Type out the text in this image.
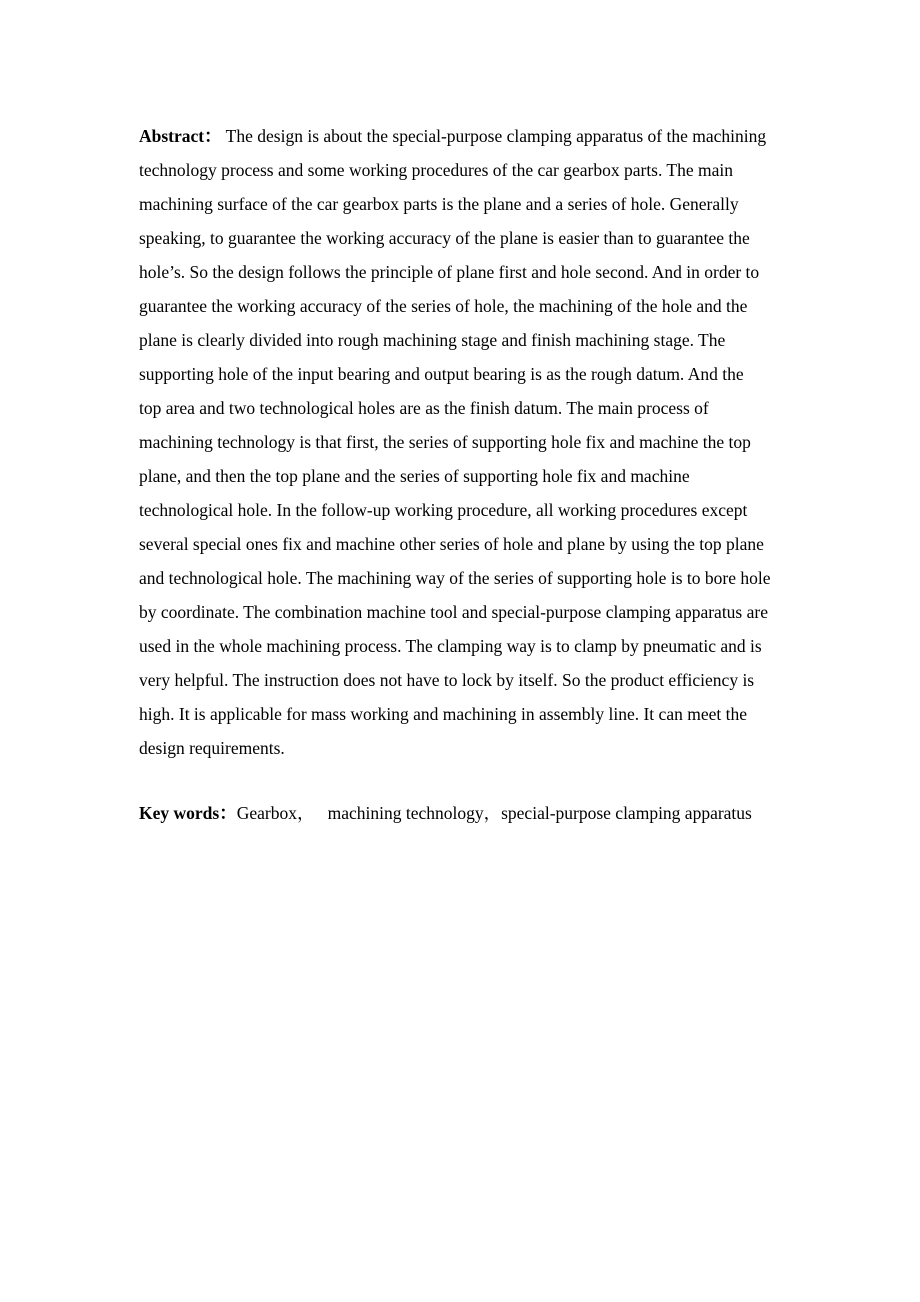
Abstract： The design is about the special-purpose clamping apparatus of the machining
technology process and some working procedures of the car gearbox parts. The main
machining surface of the car gearbox parts is the plane and a series of hole. Generally
speaking, to guarantee the working accuracy of the plane is easier than to guarantee the
hole’s. So the design follows the principle of plane first and hole second. And in order to
guarantee the working accuracy of the series of hole, the machining of the hole and the
plane is clearly divided into rough machining stage and finish machining stage. The
supporting hole of the input bearing and output bearing is as the rough datum. And the
top area and two technological holes are as the finish datum. The main process of
machining technology is that first, the series of supporting hole fix and machine the top
plane, and then the top plane and the series of supporting hole fix and machine
technological hole. In the follow-up working procedure, all working procedures except
several special ones fix and machine other series of hole and plane by using the top plane
and technological hole. The machining way of the series of supporting hole is to bore hole
by coordinate. The combination machine tool and special-purpose clamping apparatus are
used in the whole machining process. The clamping way is to clamp by pneumatic and is
very helpful. The instruction does not have to lock by itself. So the product efficiency is
high. It is applicable for mass working and machining in assembly line. It can meet the
design requirements.
Key words：Gearbox， machining technology，special-purpose clamping apparatus
